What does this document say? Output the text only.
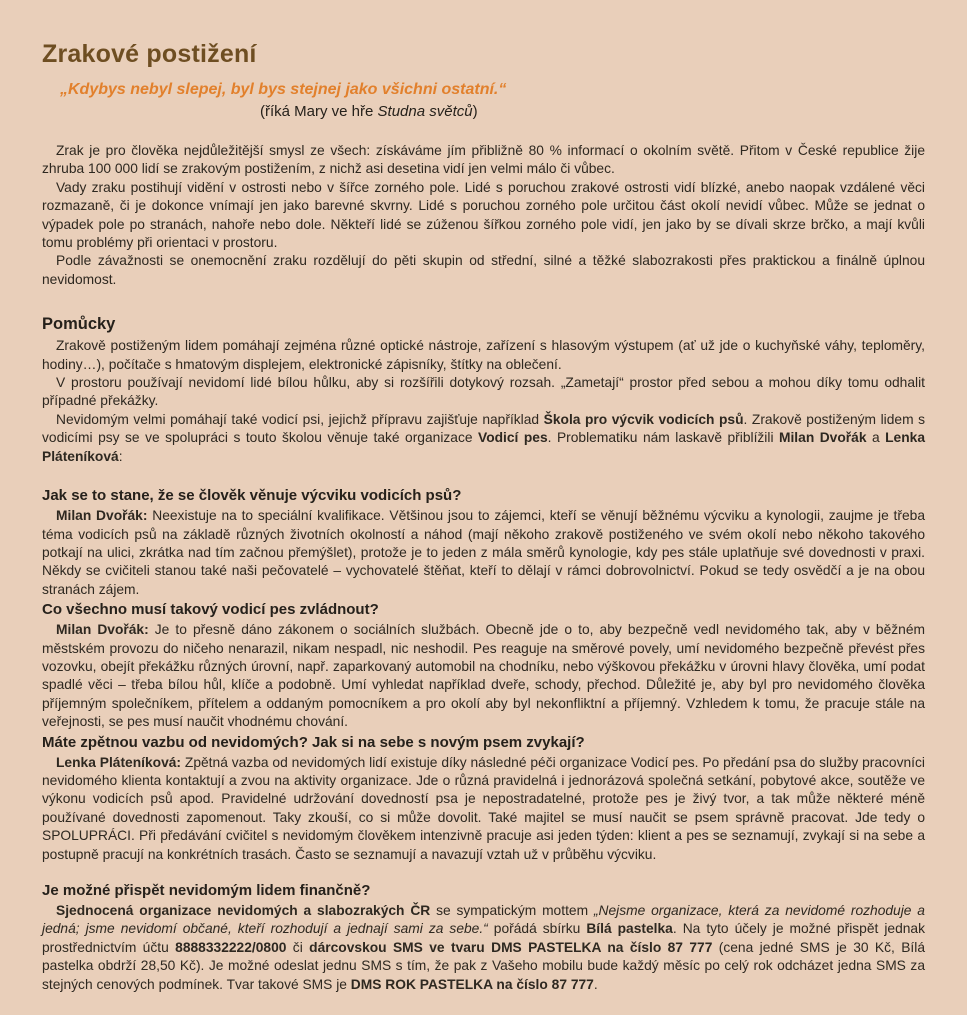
Zrakové postižení

„Kdybys nebyl slepej, byl bys stejnej jako všichni ostatní.“

(říká Mary ve hře Studna světců)

Zrak je pro člověka nejdůležitější smysl ze všech: získáváme jím přibližně 80 % informací o okolním světě. Přitom v České republice žije zhruba 100 000 lidí se zrakovým postižením, z nichž asi desetina vidí jen velmi málo či vůbec.

Vady zraku postihují vidění v ostrosti nebo v šířce zorného pole. Lidé s poruchou zrakové ostrosti vidí blízké, anebo naopak vzdálené věci rozmazaně, či je dokonce vnímají jen jako barevné skvrny. Lidé s poruchou zorného pole určitou část okolí nevidí vůbec. Může se jednat o výpadek pole po stranách, nahoře nebo dole. Někteří lidé se zúženou šířkou zorného pole vidí, jen jako by se dívali skrze brčko, a mají kvůli tomu problémy při orientaci v prostoru.

Podle závažnosti se onemocnění zraku rozdělují do pěti skupin od střední, silné a těžké slabozrakosti přes praktickou a finálně úplnou nevidomost.

Pomůcky

Zrakově postiženým lidem pomáhají zejména různé optické nástroje, zařízení s hlasovým výstupem (ať už jde o kuchyňské váhy, teploměry, hodiny…), počítače s hmatovým displejem, elektronické zápisníky, štítky na oblečení.

V prostoru používají nevidomí lidé bílou hůlku, aby si rozšířili dotykový rozsah. „Zametají“ prostor před sebou a mohou díky tomu odhalit případné překážky.

Nevidomým velmi pomáhají také vodicí psi, jejichž přípravu zajišťuje například Škola pro výcvik vodicích psů. Zrakově postiženým lidem s vodicími psy se ve spolupráci s touto školou věnuje také organizace Vodicí pes. Problematiku nám laskavě přiblížili Milan Dvořák a Lenka Pláteníková:

Jak se to stane, že se člověk věnuje výcviku vodicích psů?

Milan Dvořák: Neexistuje na to speciální kvalifikace. Většinou jsou to zájemci, kteří se věnují běžnému výcviku a kynologii, zaujme je třeba téma vodicích psů na základě různých životních okolností a náhod (mají někoho zrakově postiženého ve svém okolí nebo někoho takového potkají na ulici, zkrátka nad tím začnou přemýšlet), protože je to jeden z mála směrů kynologie, kdy pes stále uplatňuje své dovednosti v praxi. Někdy se cvičiteli stanou také naši pečovatelé – vychovatelé štěňat, kteří to dělají v rámci dobrovolnictví. Pokud se tedy osvědčí a je na obou stranách zájem.

Co všechno musí takový vodicí pes zvládnout?

Milan Dvořák: Je to přesně dáno zákonem o sociálních službách. Obecně jde o to, aby bezpečně vedl nevidomého tak, aby v běžném městském provozu do ničeho nenarazil, nikam nespadl, nic neshodil. Pes reaguje na směrové povely, umí nevidomého bezpečně převést přes vozovku, obejít překážku různých úrovní, např. zaparkovaný automobil na chodníku, nebo výškovou překážku v úrovni hlavy člověka, umí podat spadlé věci – třeba bílou hůl, klíče a podobně. Umí vyhledat například dveře, schody, přechod. Důležité je, aby byl pro nevidomého člověka příjemným společníkem, přítelem a oddaným pomocníkem a pro okolí aby byl nekonfliktní a příjemný. Vzhledem k tomu, že pracuje stále na veřejnosti, se pes musí naučit vhodnému chování.

Máte zpětnou vazbu od nevidomých? Jak si na sebe s novým psem zvykají?

Lenka Pláteníková: Zpětná vazba od nevidomých lidí existuje díky následné péči organizace Vodicí pes. Po předání psa do služby pracovníci nevidomého klienta kontaktují a zvou na aktivity organizace. Jde o různá pravidelná i jednorázová společná setkání, pobytové akce, soutěže ve výkonu vodicích psů apod. Pravidelné udržování dovedností psa je nepostradatelné, protože pes je živý tvor, a tak může některé méně používané dovednosti zapomenout. Taky zkouší, co si může dovolit. Také majitel se musí naučit se psem správně pracovat. Jde tedy o SPOLUPRÁCI. Při předávání cvičitel s nevidomým člověkem intenzivně pracuje asi jeden týden: klient a pes se seznamují, zvykají si na sebe a postupně pracují na konkrétních trasách. Často se seznamují a navazují vztah už v průběhu výcviku.

Je možné přispět nevidomým lidem finančně?

Sjednocená organizace nevidomých a slabozrakých ČR se sympatickým mottem „Nejsme organizace, která za nevidomé rozhoduje a jedná; jsme nevidomí občané, kteří rozhodují a jednají sami za sebe.“ pořádá sbírku Bílá pastelka. Na tyto účely je možné přispět jednak prostřednictvím účtu 8888332222/0800 či dárcovskou SMS ve tvaru DMS PASTELKA na číslo 87 777 (cena jedné SMS je 30 Kč, Bílá pastelka obdrží 28,50 Kč). Je možné odeslat jednu SMS s tím, že pak z Vašeho mobilu bude každý měsíc po celý rok odcházet jedna SMS za stejných cenových podmínek. Tvar takové SMS je DMS ROK PASTELKA na číslo 87 777.
